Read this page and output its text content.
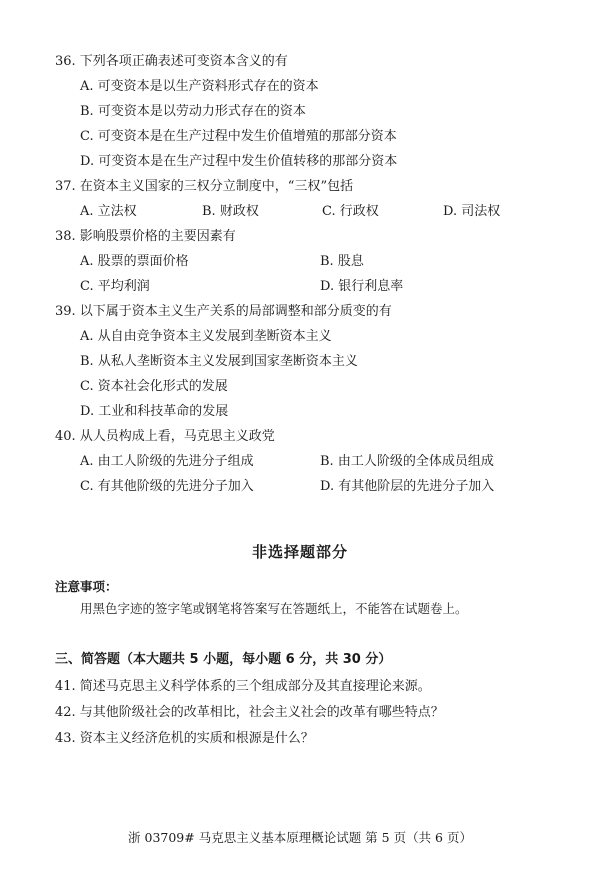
36. 下列各项正确表述可变资本含义的有
A. 可变资本是以生产资料形式存在的资本
B. 可变资本是以劳动力形式存在的资本
C. 可变资本是在生产过程中发生价值增殖的那部分资本
D. 可变资本是在生产过程中发生价值转移的那部分资本
37. 在资本主义国家的三权分立制度中，“三权”包括
A. 立法权	B. 财政权	C. 行政权	D. 司法权
38. 影响股票价格的主要因素有
A. 股票的票面价格	B. 股息
C. 平均利润	D. 银行利息率
39. 以下属于资本主义生产关系的局部调整和部分质变的有
A. 从自由竞争资本主义发展到垄断资本主义
B. 从私人垄断资本主义发展到国家垄断资本主义
C. 资本社会化形式的发展
D. 工业和科技革命的发展
40. 从人员构成上看，马克思主义政党
A. 由工人阶级的先进分子组成	B. 由工人阶级的全体成员组成
C. 有其他阶级的先进分子加入	D. 有其他阶层的先进分子加入
非选择题部分
注意事项：
用黑色字迹的签字笔或钢笔将答案写在答题纸上，不能答在试题卷上。
三、简答题（本大题共 5 小题，每小题 6 分，共 30 分）
41. 简述马克思主义科学体系的三个组成部分及其直接理论来源。
42. 与其他阶级社会的改革相比，社会主义社会的改革有哪些特点？
43. 资本主义经济危机的实质和根源是什么？
浙 03709# 马克思主义基本原理概论试题 第 5 页（共 6 页）
